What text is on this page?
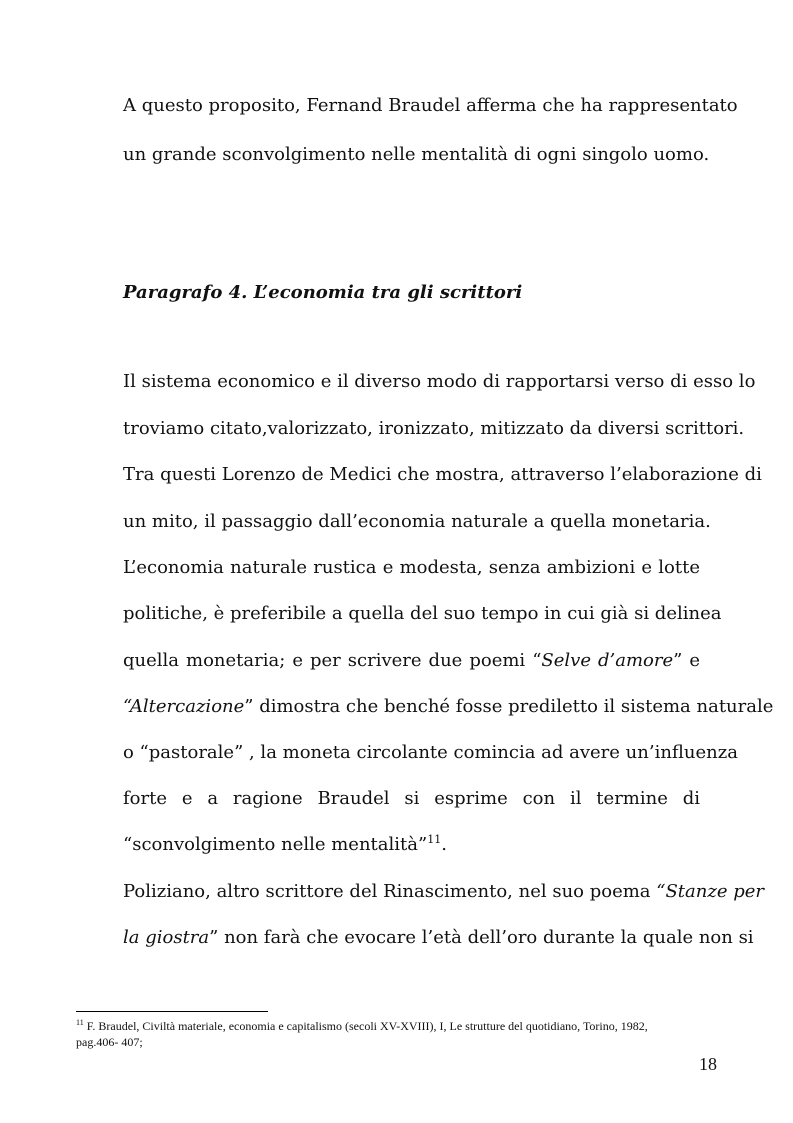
A questo proposito, Fernand Braudel afferma che ha rappresentato
un grande sconvolgimento nelle mentalità di ogni singolo uomo.
Paragrafo 4. L’economia tra gli scrittori
Il sistema economico e il diverso modo di rapportarsi verso di esso lo
troviamo citato,valorizzato, ironizzato, mitizzato da diversi scrittori.
Tra questi Lorenzo de Medici che mostra, attraverso l’elaborazione di
un mito, il passaggio dall’economia naturale a quella monetaria.
L’economia naturale rustica e modesta, senza ambizioni e lotte
politiche, è preferibile a quella del suo tempo in cui già si delinea
quella monetaria; e per scrivere due poemi “Selve d’amore” e
“Altercazione” dimostra che benché fosse prediletto il sistema naturale
o “pastorale” , la moneta circolante comincia ad avere un’influenza
forte e a ragione Braudel si esprime con il termine di
“sconvolgimento nelle mentalità”$^{11}$.
Poliziano, altro scrittore del Rinascimento, nel suo poema “Stanze per
la giostra” non farà che evocare l’età dell’oro durante la quale non si
$^{11}$ F. Braudel, Civiltà materiale, economia e capitalismo (secoli XV-XVIII), I, Le strutture del quotidiano, Torino, 1982,
pag.406- 407;
18
